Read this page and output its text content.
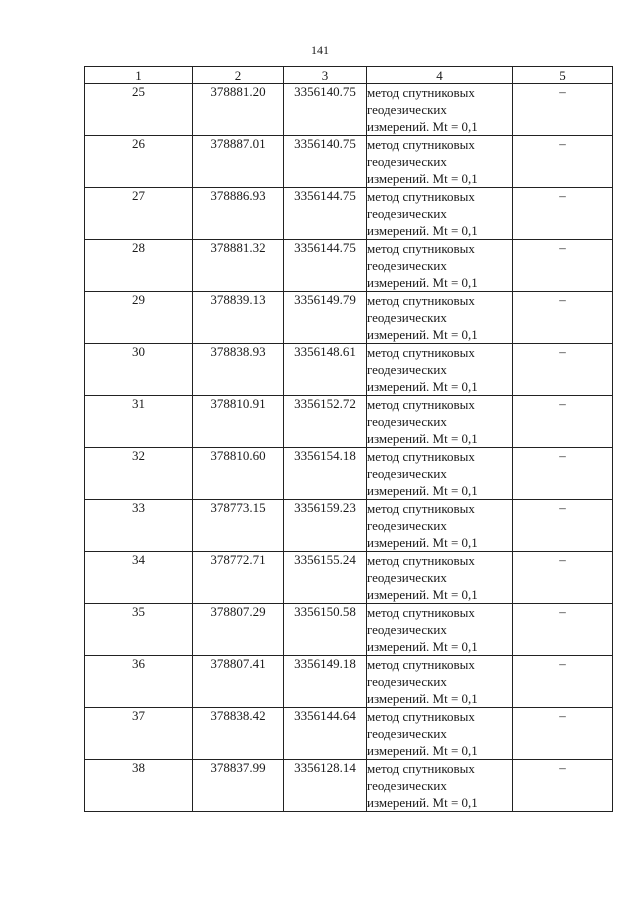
141
1	2	3	4	5
25	378881.20	3356140.75	метод спутниковых
геодезических
измерений. Mt = 0,1	–
26	378887.01	3356140.75	метод спутниковых
геодезических
измерений. Mt = 0,1	–
27	378886.93	3356144.75	метод спутниковых
геодезических
измерений. Mt = 0,1	–
28	378881.32	3356144.75	метод спутниковых
геодезических
измерений. Mt = 0,1	–
29	378839.13	3356149.79	метод спутниковых
геодезических
измерений. Mt = 0,1	–
30	378838.93	3356148.61	метод спутниковых
геодезических
измерений. Mt = 0,1	–
31	378810.91	3356152.72	метод спутниковых
геодезических
измерений. Mt = 0,1	–
32	378810.60	3356154.18	метод спутниковых
геодезических
измерений. Mt = 0,1	–
33	378773.15	3356159.23	метод спутниковых
геодезических
измерений. Mt = 0,1	–
34	378772.71	3356155.24	метод спутниковых
геодезических
измерений. Mt = 0,1	–
35	378807.29	3356150.58	метод спутниковых
геодезических
измерений. Mt = 0,1	–
36	378807.41	3356149.18	метод спутниковых
геодезических
измерений. Mt = 0,1	–
37	378838.42	3356144.64	метод спутниковых
геодезических
измерений. Mt = 0,1	–
38	378837.99	3356128.14	метод спутниковых
геодезических
измерений. Mt = 0,1	–
